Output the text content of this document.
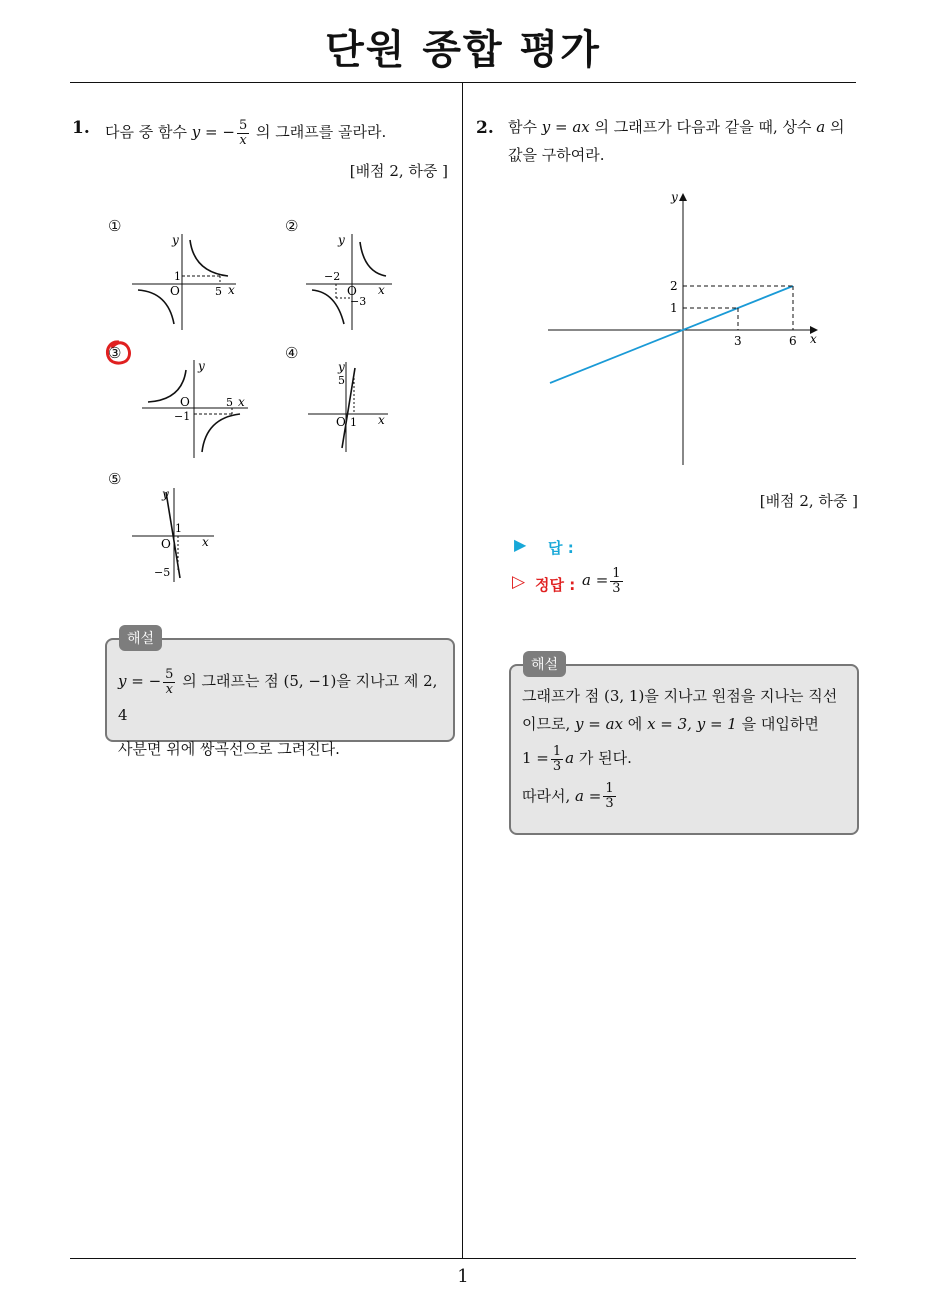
단원 종합 평가
1
1. 다음 중 함수 y = − $\frac{5}{x}$ 의 그래프를 골라라.
[배점 2, 하중 ]
①
y
x
O
1
5
②
y
x
O
−2
−3
③
y
x
O
−1
5
④
y
x
O
5
1
⑤
y
x
O
1
−5
해설
y = − $\frac{5}{x}$ 의 그래프는 점 (5, −1)을 지나고 제 2, 4
사분면 위에 쌍곡선으로 그려진다.
2. 함수 y = ax 의 그래프가 다음과 같을 때, 상수 a 의
값을 구하여라.
y
x
2
1
3	6
[배점 2, 하중 ]
▶ 답 :
▷ 정답 : $a = \frac{1}{3}$
해설
그래프가 점 (3, 1)을 지나고 원점을 지나는 직선
이므로, y = ax 에 x = 3, y = 1 을 대입하면
$1 = \frac{1}{3}$ a 가 된다.
따라서, $a = \frac{1}{3}$
